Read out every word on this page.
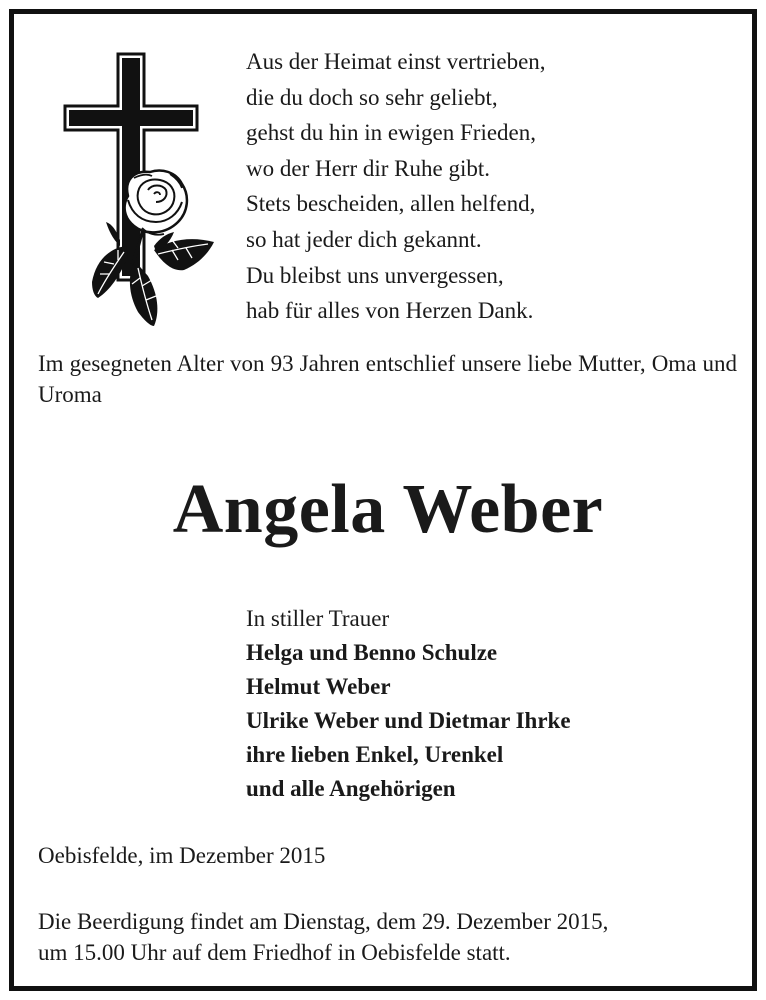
Aus der Heimat einst vertrieben,
die du doch so sehr geliebt,
gehst du hin in ewigen Frieden,
wo der Herr dir Ruhe gibt.
Stets bescheiden, allen helfend,
so hat jeder dich gekannt.
Du bleibst uns unvergessen,
hab für alles von Herzen Dank.
Im gesegneten Alter von 93 Jahren entschlief unsere liebe Mutter, Oma und Uroma
Angela Weber
In stiller Trauer
Helga und Benno Schulze
Helmut Weber
Ulrike Weber und Dietmar Ihrke
ihre lieben Enkel, Urenkel
und alle Angehörigen
Oebisfelde, im Dezember 2015
Die Beerdigung findet am Dienstag, dem 29. Dezember 2015,
um 15.00 Uhr auf dem Friedhof in Oebisfelde statt.
